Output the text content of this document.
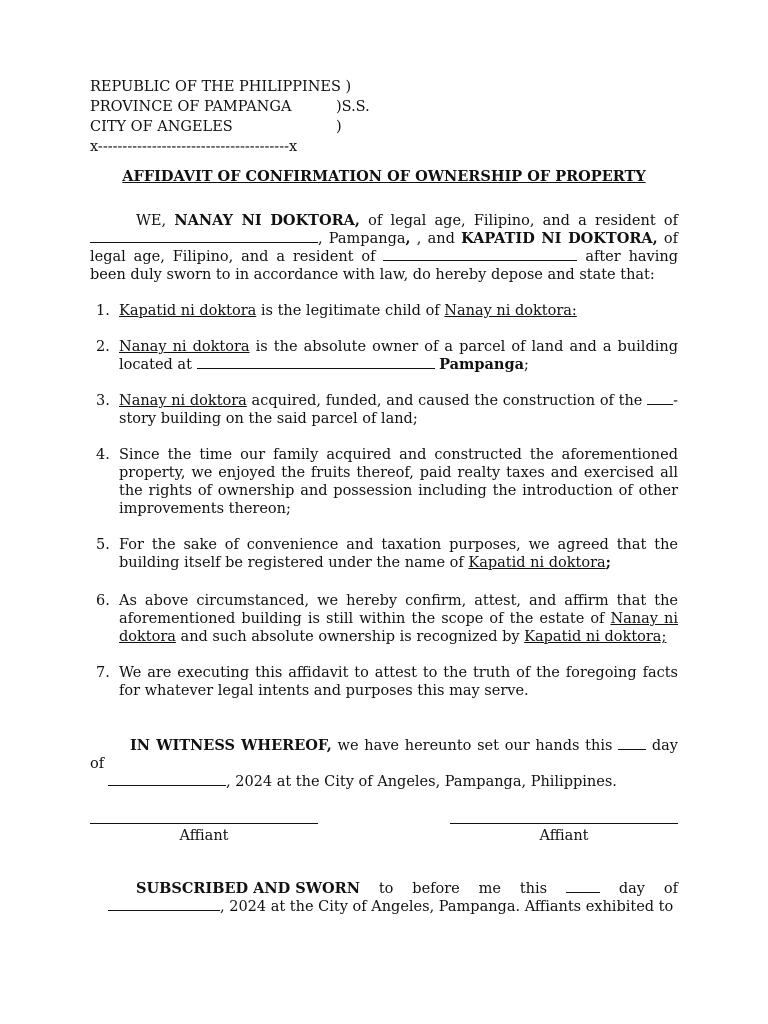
REPUBLIC OF THE PHILIPPINES )
PROVINCE OF PAMPANGA	)S.S.
CITY OF ANGELES	)
x---------------------------------------x
AFFIDAVIT OF CONFIRMATION OF OWNERSHIP OF PROPERTY
WE, NANAY NI DOKTORA, of legal age, Filipino, and a resident of , Pampanga, , and KAPATID NI DOKTORA, of legal age, Filipino, and a resident of	after having been duly sworn to in accordance with law, do hereby depose and state that:
1. Kapatid ni doktora is the legitimate child of Nanay ni doktora:
2. Nanay ni doktora is the absolute owner of a parcel of land and a building located at	Pampanga;
3. Nanay ni doktora acquired, funded, and caused the construction of the -story building on the said parcel of land;
4. Since the time our family acquired and constructed the aforementioned property, we enjoyed the fruits thereof, paid realty taxes and exercised all the rights of ownership and possession including the introduction of other improvements thereon;
5. For the sake of convenience and taxation purposes, we agreed that the building itself be registered under the name of Kapatid ni doktora;
6. As above circumstanced, we hereby confirm, attest, and affirm that the aforementioned building is still within the scope of the estate of Nanay ni doktora and such absolute ownership is recognized by Kapatid ni doktora;
7. We are executing this affidavit to attest to the truth of the foregoing facts for whatever legal intents and purposes this may serve.
IN WITNESS WHEREOF, we have hereunto set our hands this  day of
, 2024 at the City of Angeles, Pampanga, Philippines.
Affiant	Affiant
SUBSCRIBED AND SWORN to before me this	day of
, 2024 at the City of Angeles, Pampanga. Affiants exhibited to
